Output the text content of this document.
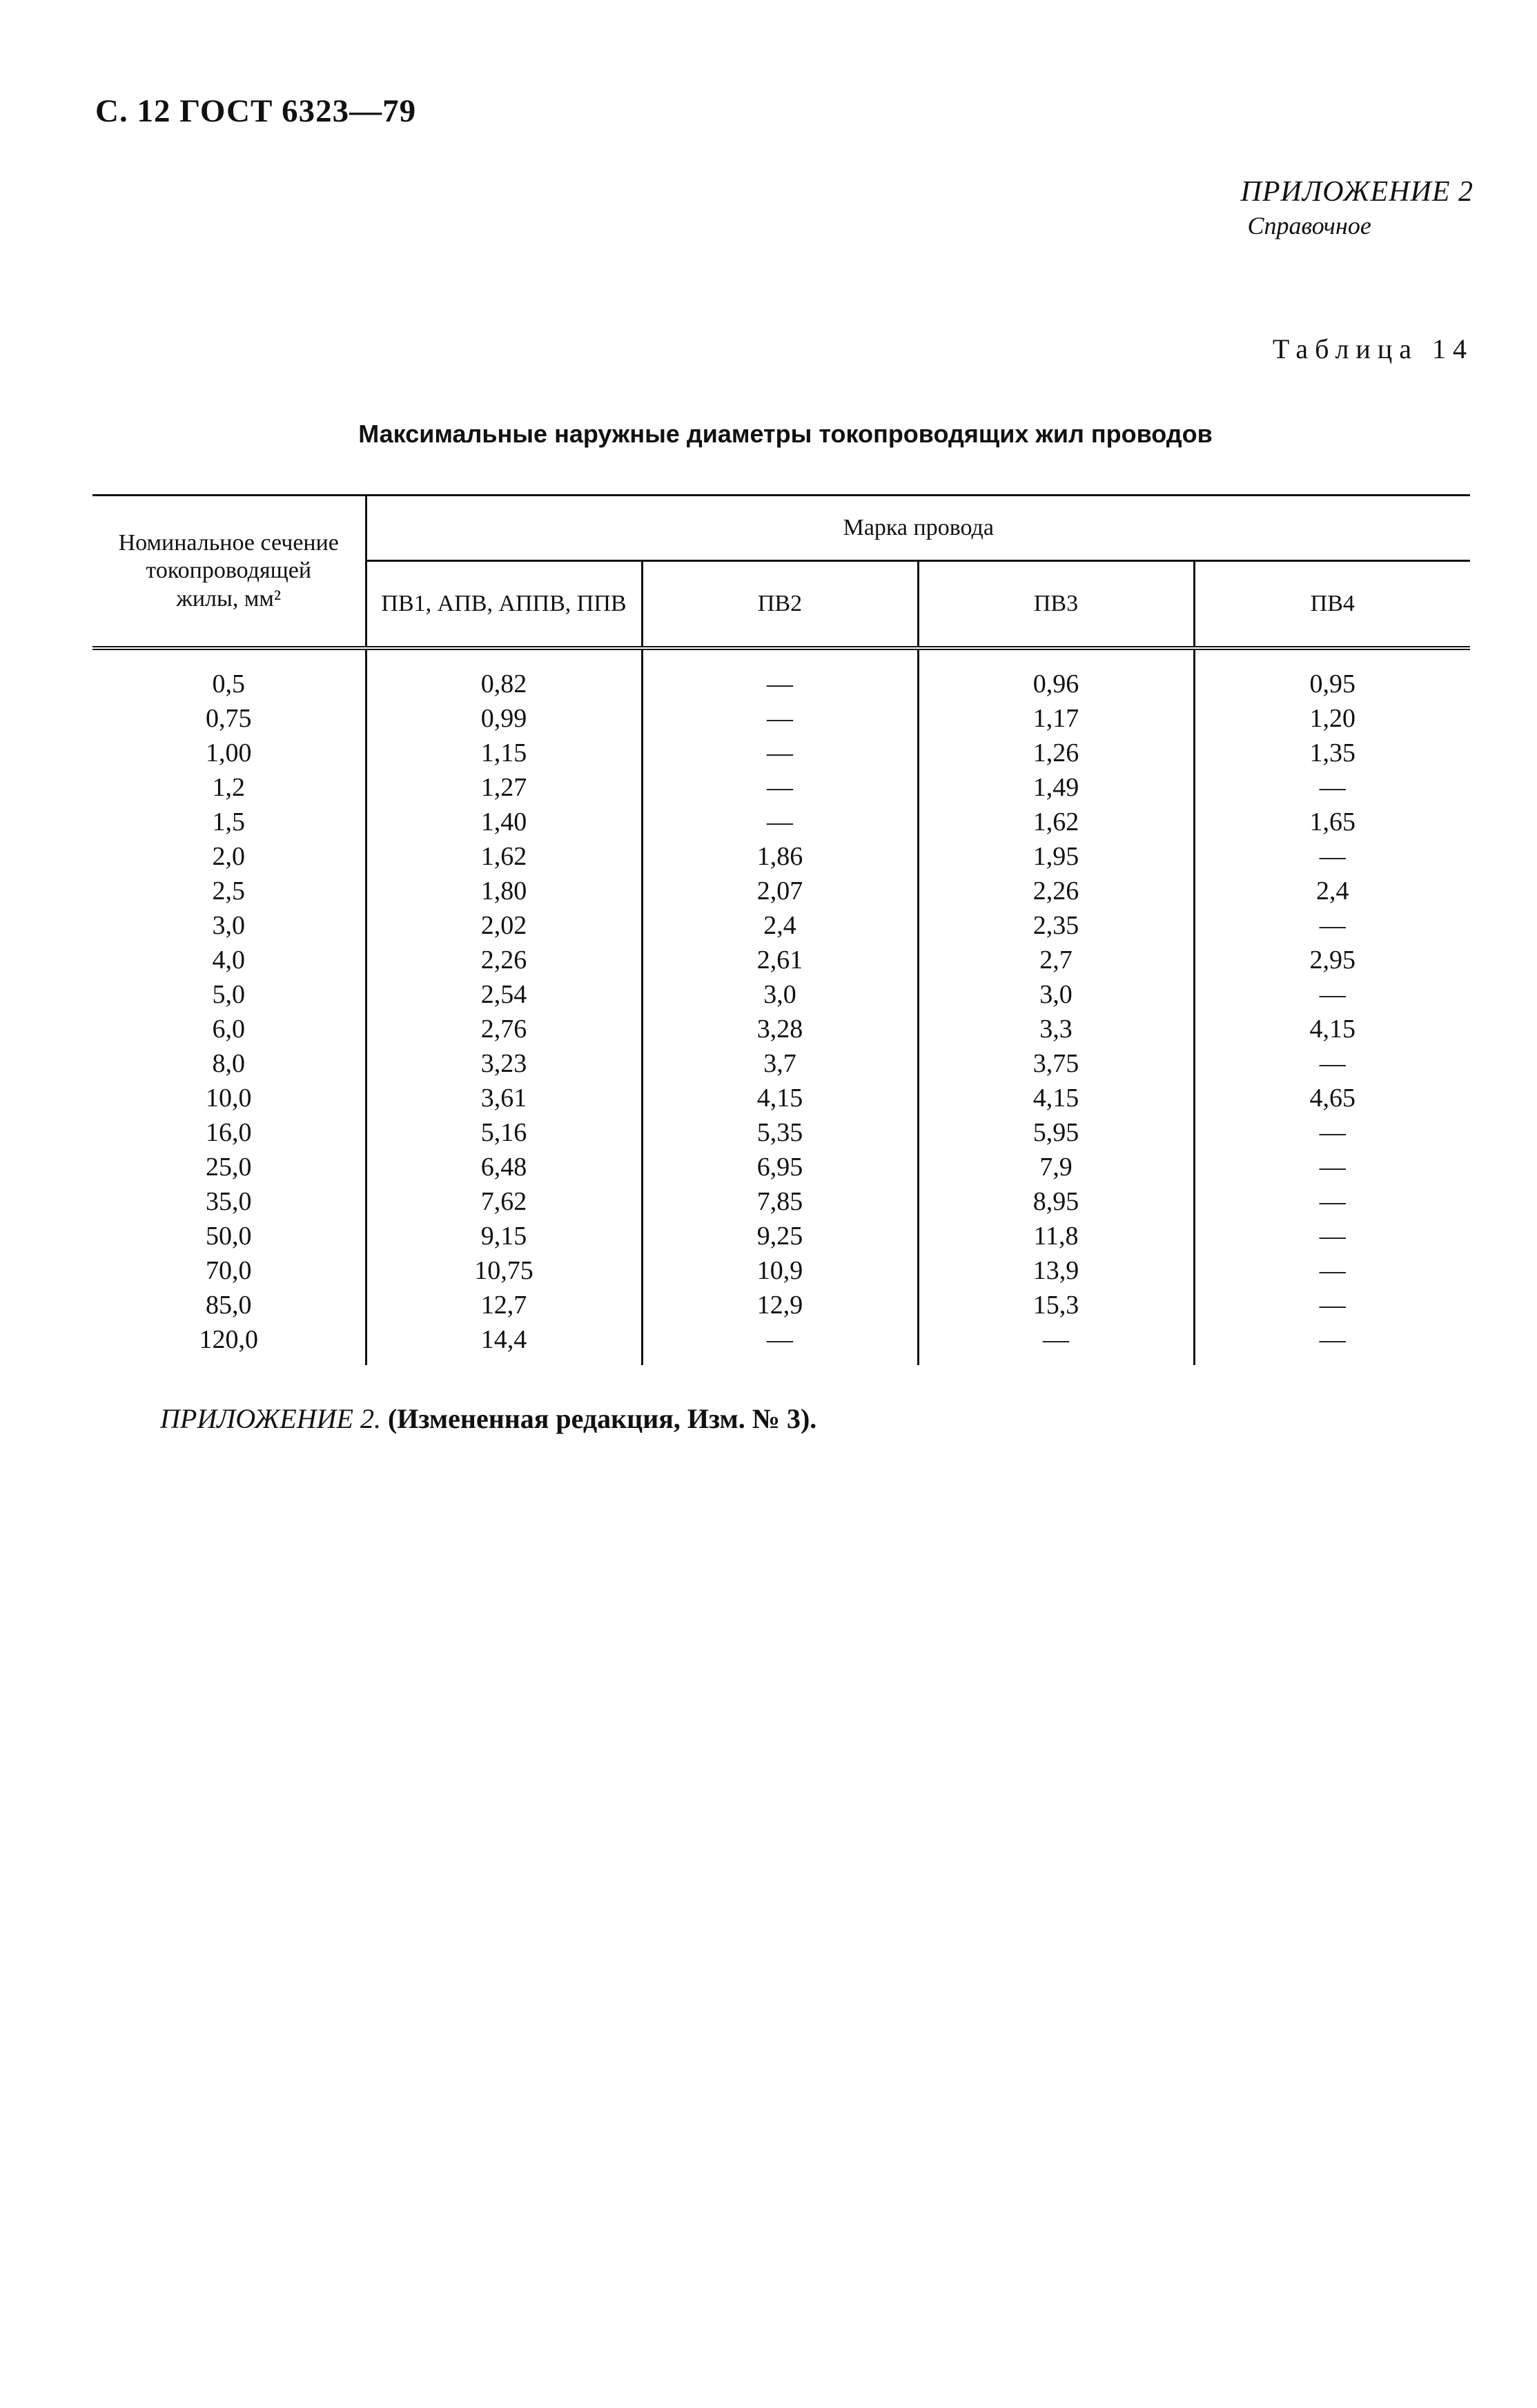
С. 12 ГОСТ 6323—79
ПРИЛОЖЕНИЕ 2
Справочное
Таблица 14
Максимальные наружные диаметры токопроводящих жил проводов
Номинальное сечение
токопроводящей
жилы, мм²	Марка провода			
	ПВ1, АПВ, АППВ, ППВ	ПВ2	ПВ3	ПВ4
0,5	0,82	—	0,96	0,95
0,75	0,99	—	1,17	1,20
1,00	1,15	—	1,26	1,35
1,2	1,27	—	1,49	—
1,5	1,40	—	1,62	1,65
2,0	1,62	1,86	1,95	—
2,5	1,80	2,07	2,26	2,4
3,0	2,02	2,4	2,35	—
4,0	2,26	2,61	2,7	2,95
5,0	2,54	3,0	3,0	—
6,0	2,76	3,28	3,3	4,15
8,0	3,23	3,7	3,75	—
10,0	3,61	4,15	4,15	4,65
16,0	5,16	5,35	5,95	—
25,0	6,48	6,95	7,9	—
35,0	7,62	7,85	8,95	—
50,0	9,15	9,25	11,8	—
70,0	10,75	10,9	13,9	—
85,0	12,7	12,9	15,3	—
120,0	14,4	—	—	—
ПРИЛОЖЕНИЕ 2. (Измененная редакция, Изм. № 3).
